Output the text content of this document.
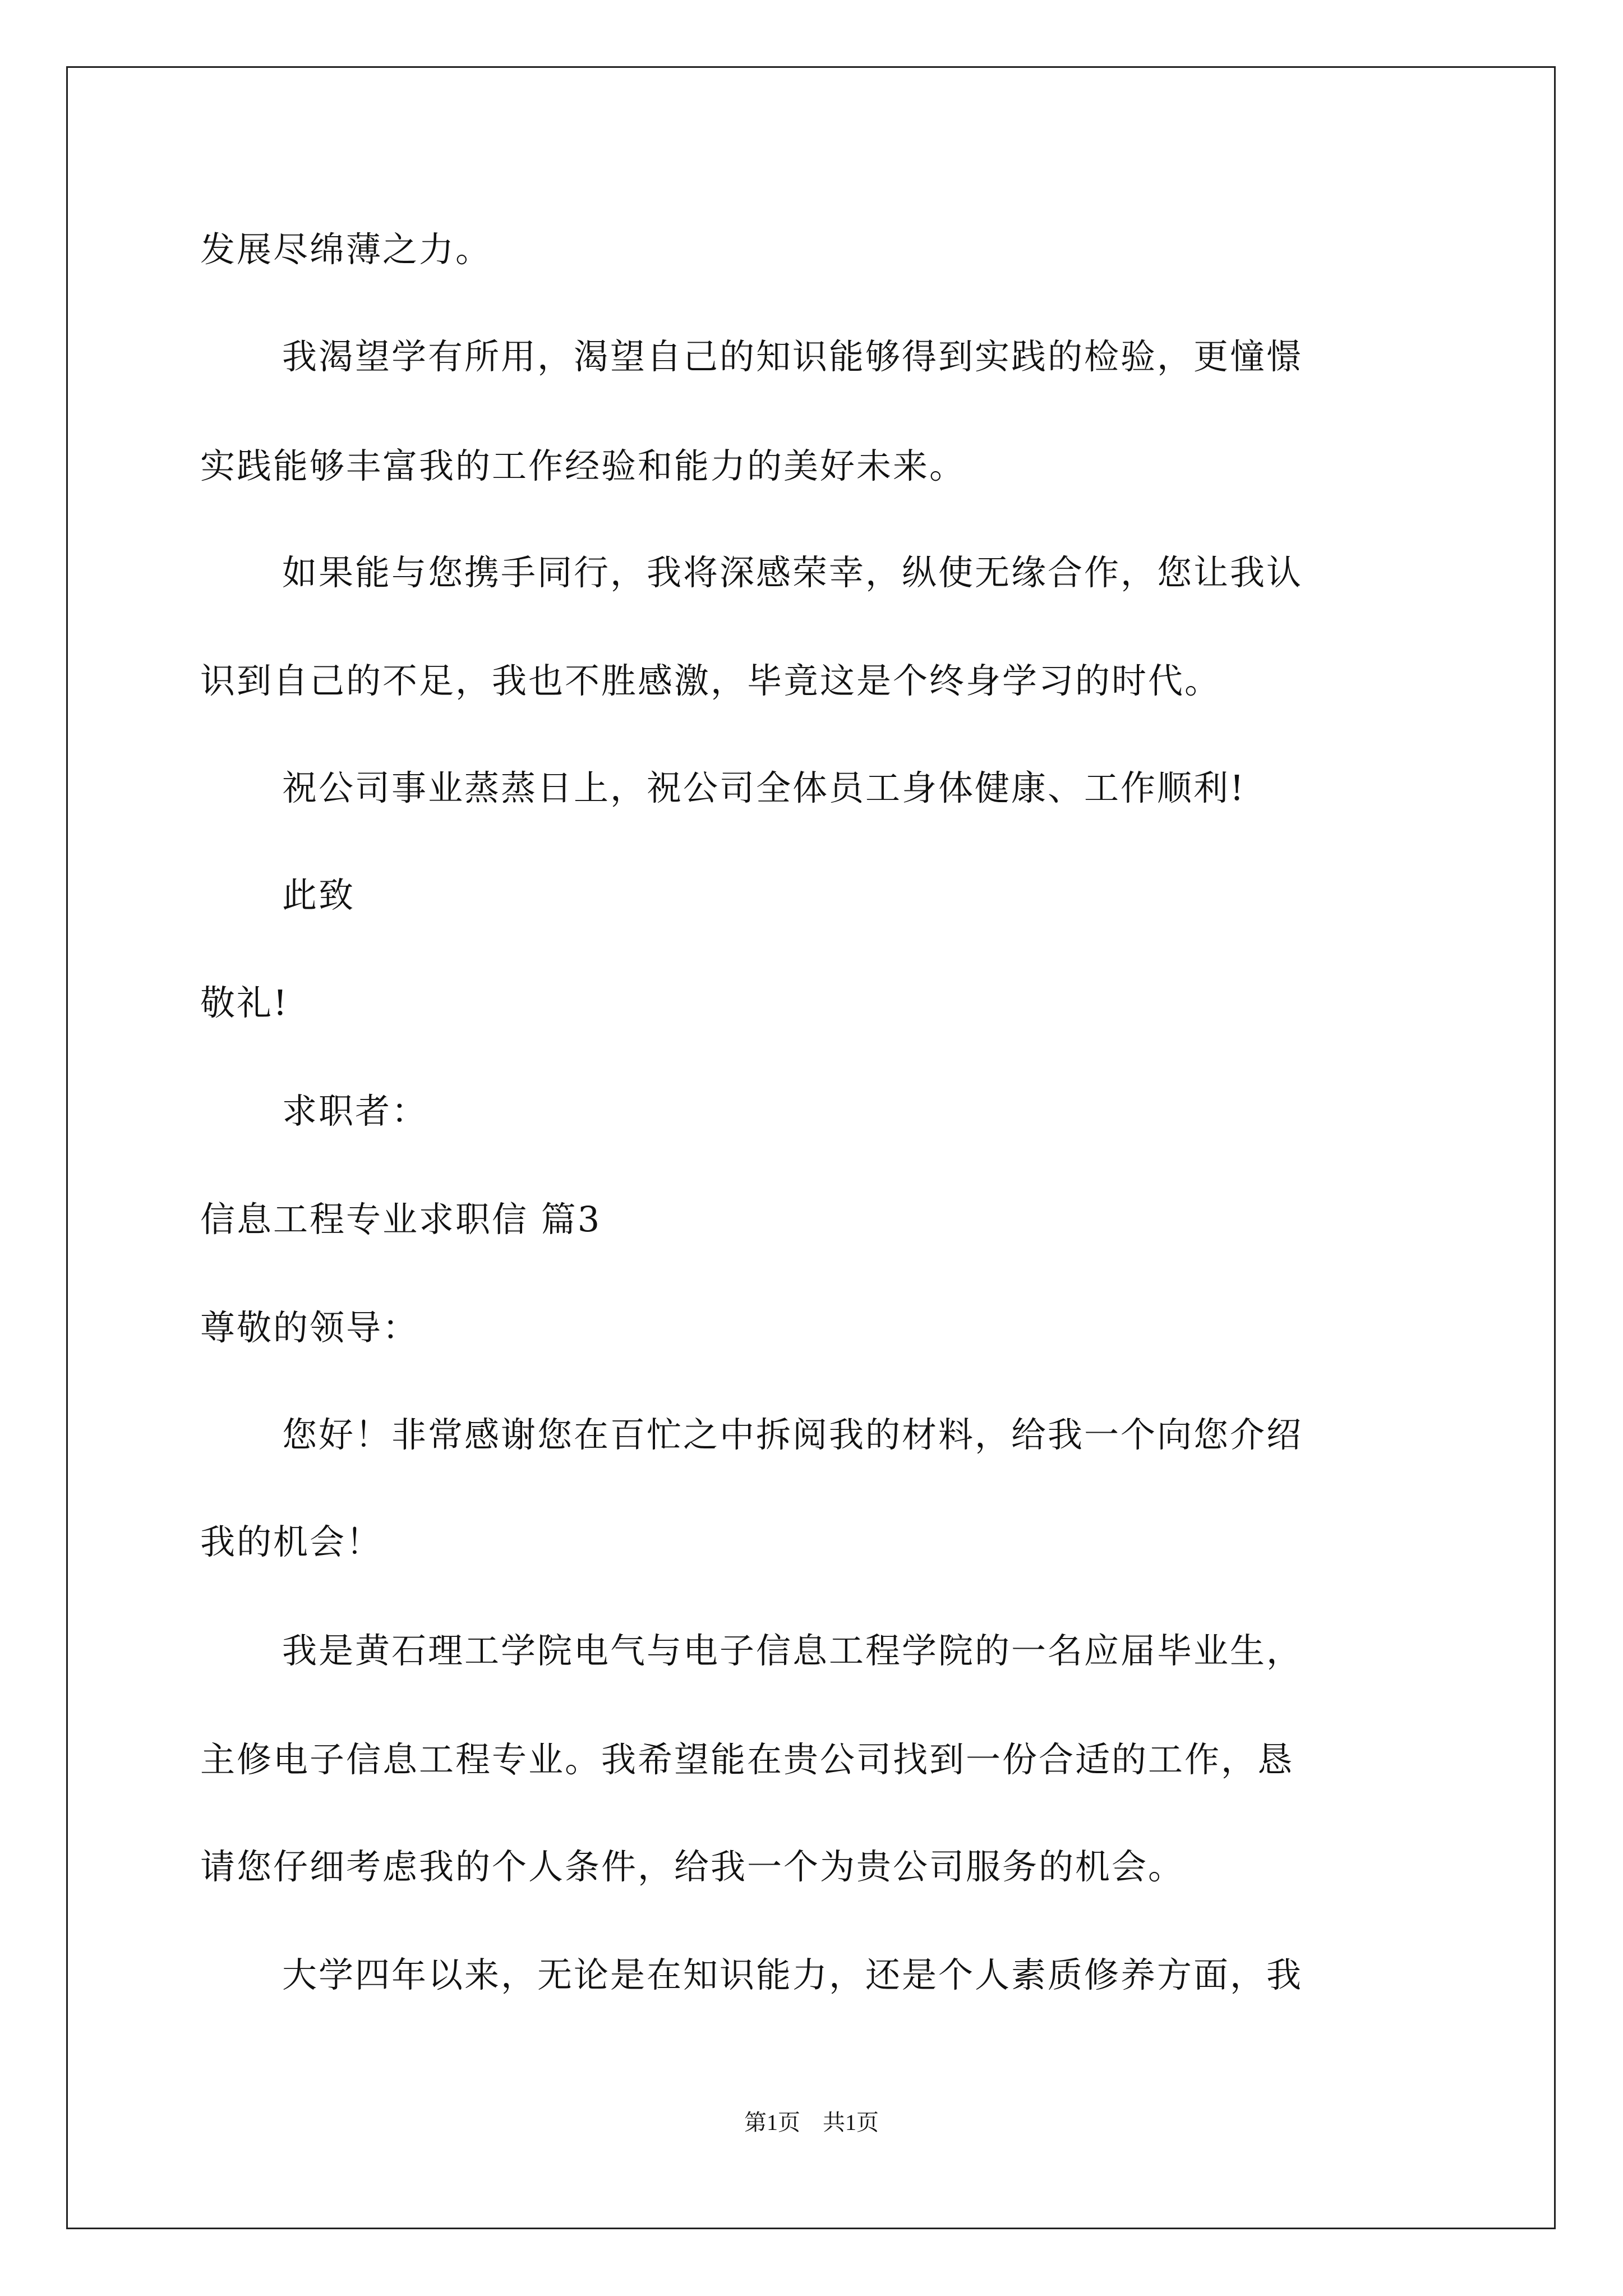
发展尽绵薄之力。
我渴望学有所用，渴望自己的知识能够得到实践的检验，更憧憬
实践能够丰富我的工作经验和能力的美好未来。
如果能与您携手同行，我将深感荣幸，纵使无缘合作，您让我认
识到自己的不足，我也不胜感激，毕竟这是个终身学习的时代。
祝公司事业蒸蒸日上，祝公司全体员工身体健康、工作顺利!
此致
敬礼!
求职者：
信息工程专业求职信 篇3
尊敬的领导：
您好！非常感谢您在百忙之中拆阅我的材料，给我一个向您介绍
我的机会！
我是黄石理工学院电气与电子信息工程学院的一名应届毕业生，
主修电子信息工程专业。我希望能在贵公司找到一份合适的工作，恳
请您仔细考虑我的个人条件，给我一个为贵公司服务的机会。
大学四年以来，无论是在知识能力，还是个人素质修养方面，我
第1页　共1页
